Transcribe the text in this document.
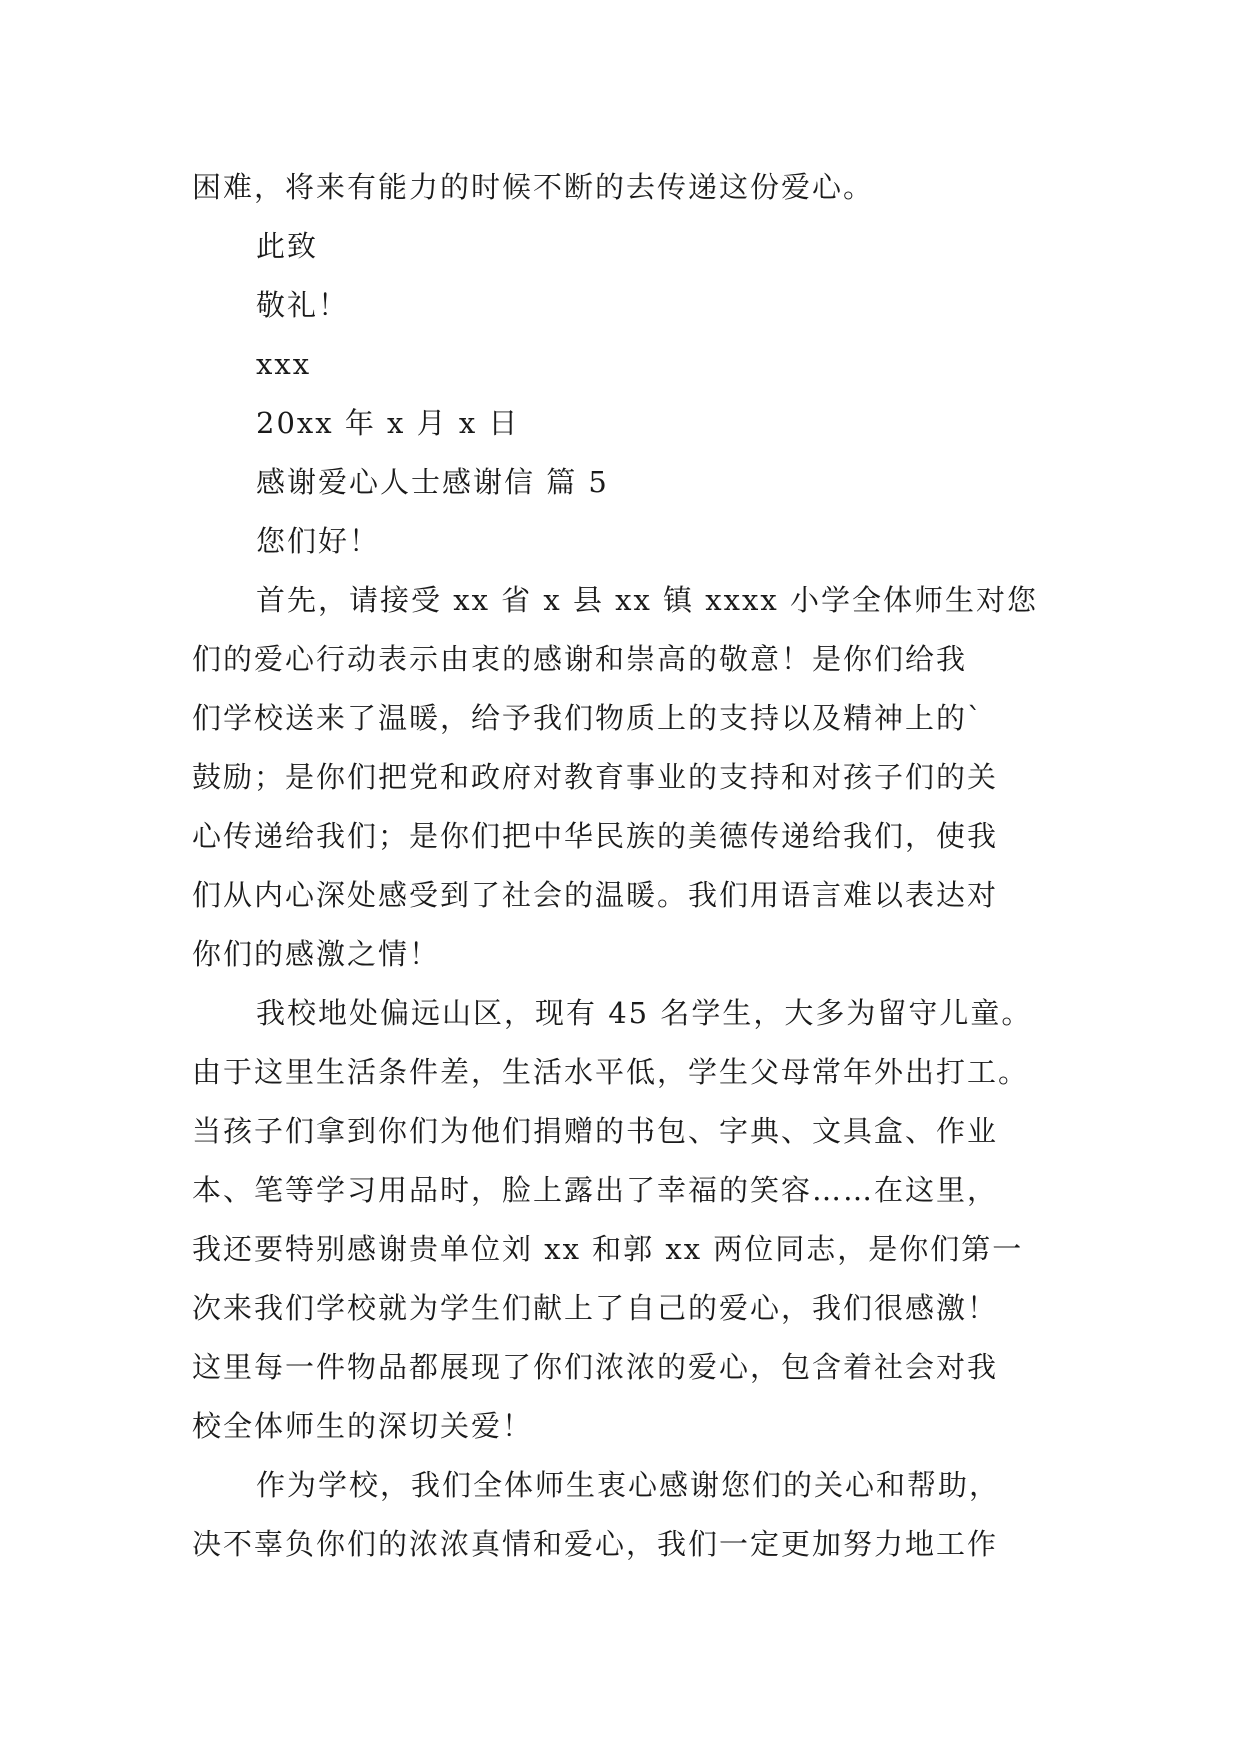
困难，将来有能力的时候不断的去传递这份爱心。
此致
敬礼！
xxx
20xx 年 x 月 x 日
感谢爱心人士感谢信 篇 5
您们好！
首先，请接受 xx 省 x 县 xx 镇 xxxx 小学全体师生对您
们的爱心行动表示由衷的感谢和崇高的敬意！是你们给我
们学校送来了温暖，给予我们物质上的支持以及精神上的`
鼓励；是你们把党和政府对教育事业的支持和对孩子们的关
心传递给我们；是你们把中华民族的美德传递给我们，使我
们从内心深处感受到了社会的温暖。我们用语言难以表达对
你们的感激之情！
我校地处偏远山区，现有 45 名学生，大多为留守儿童。
由于这里生活条件差，生活水平低，学生父母常年外出打工。
当孩子们拿到你们为他们捐赠的书包、字典、文具盒、作业
本、笔等学习用品时，脸上露出了幸福的笑容……在这里，
我还要特别感谢贵单位刘 xx 和郭 xx 两位同志，是你们第一
次来我们学校就为学生们献上了自己的爱心，我们很感激！
这里每一件物品都展现了你们浓浓的爱心，包含着社会对我
校全体师生的深切关爱！
作为学校，我们全体师生衷心感谢您们的关心和帮助，
决不辜负你们的浓浓真情和爱心，我们一定更加努力地工作
